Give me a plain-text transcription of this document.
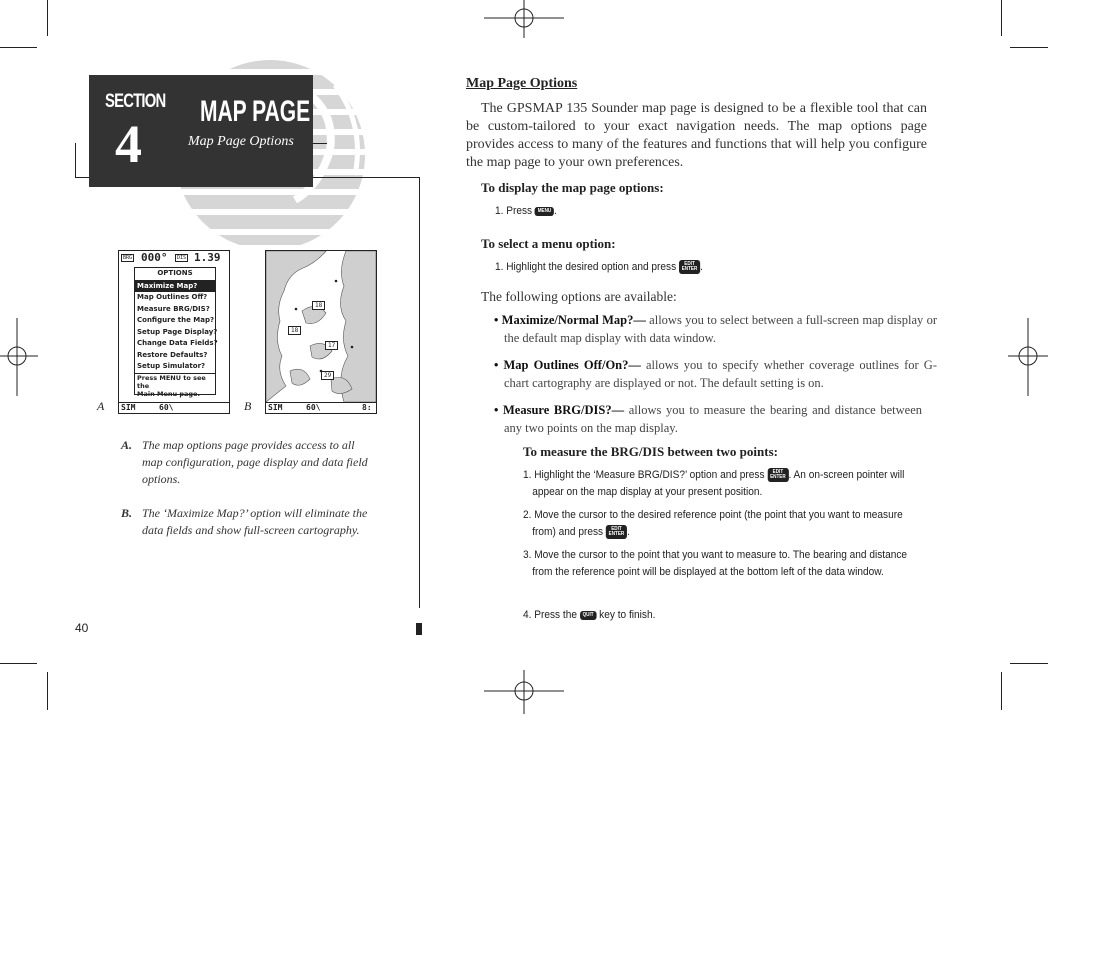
SECTION
4
MAP PAGE
Map Page Options
BRG 000°	DIS 1.39
OPTIONS
Maximize Map?
Map Outlines Off?
Measure BRG/DIS?
Configure the Map?
Setup Page Display?
Change Data Fields?
Restore Defaults?
Setup Simulator?
Press MENU to see the
Main Menu page.
SIM	60\
A
18
18
17
29
SIM	60\	8:
B
A. The map options page provides access to all map configuration, page display and data field options.
B. The ‘Maximize Map?’ option will eliminate the data fields and show full-screen cartography.
40
Map Page Options
The GPSMAP 135 Sounder map page is designed to be a flexible tool that can be custom-tailored to your exact navigation needs. The map options page provides access to many of the features and functions that will help you configure the map page to your own preferences.
To display the map page options:
1. Press MENU .
To select a menu option:
1. Highlight the desired option and press EDIT
ENTER .
The following options are available:
• Maximize/Normal Map?— allows you to select between a full-screen map display or the default map display with data window.
• Map Outlines Off/On?— allows you to specify whether coverage outlines for G-chart cartography are displayed or not. The default setting is on.
• Measure BRG/DIS?— allows you to measure the bearing and distance between any two points on the map display.
To measure the BRG/DIS between two points:
1. Highlight the ‘Measure BRG/DIS?’ option and press EDIT
ENTER . An on-screen pointer will appear on the map display at your present position.
2. Move the cursor to the desired reference point (the point that you want to measure from) and press EDIT
ENTER .
3. Move the cursor to the point that you want to measure to. The bearing and distance from the reference point will be displayed at the bottom left of the data window.
4. Press the QUIT key to finish.
